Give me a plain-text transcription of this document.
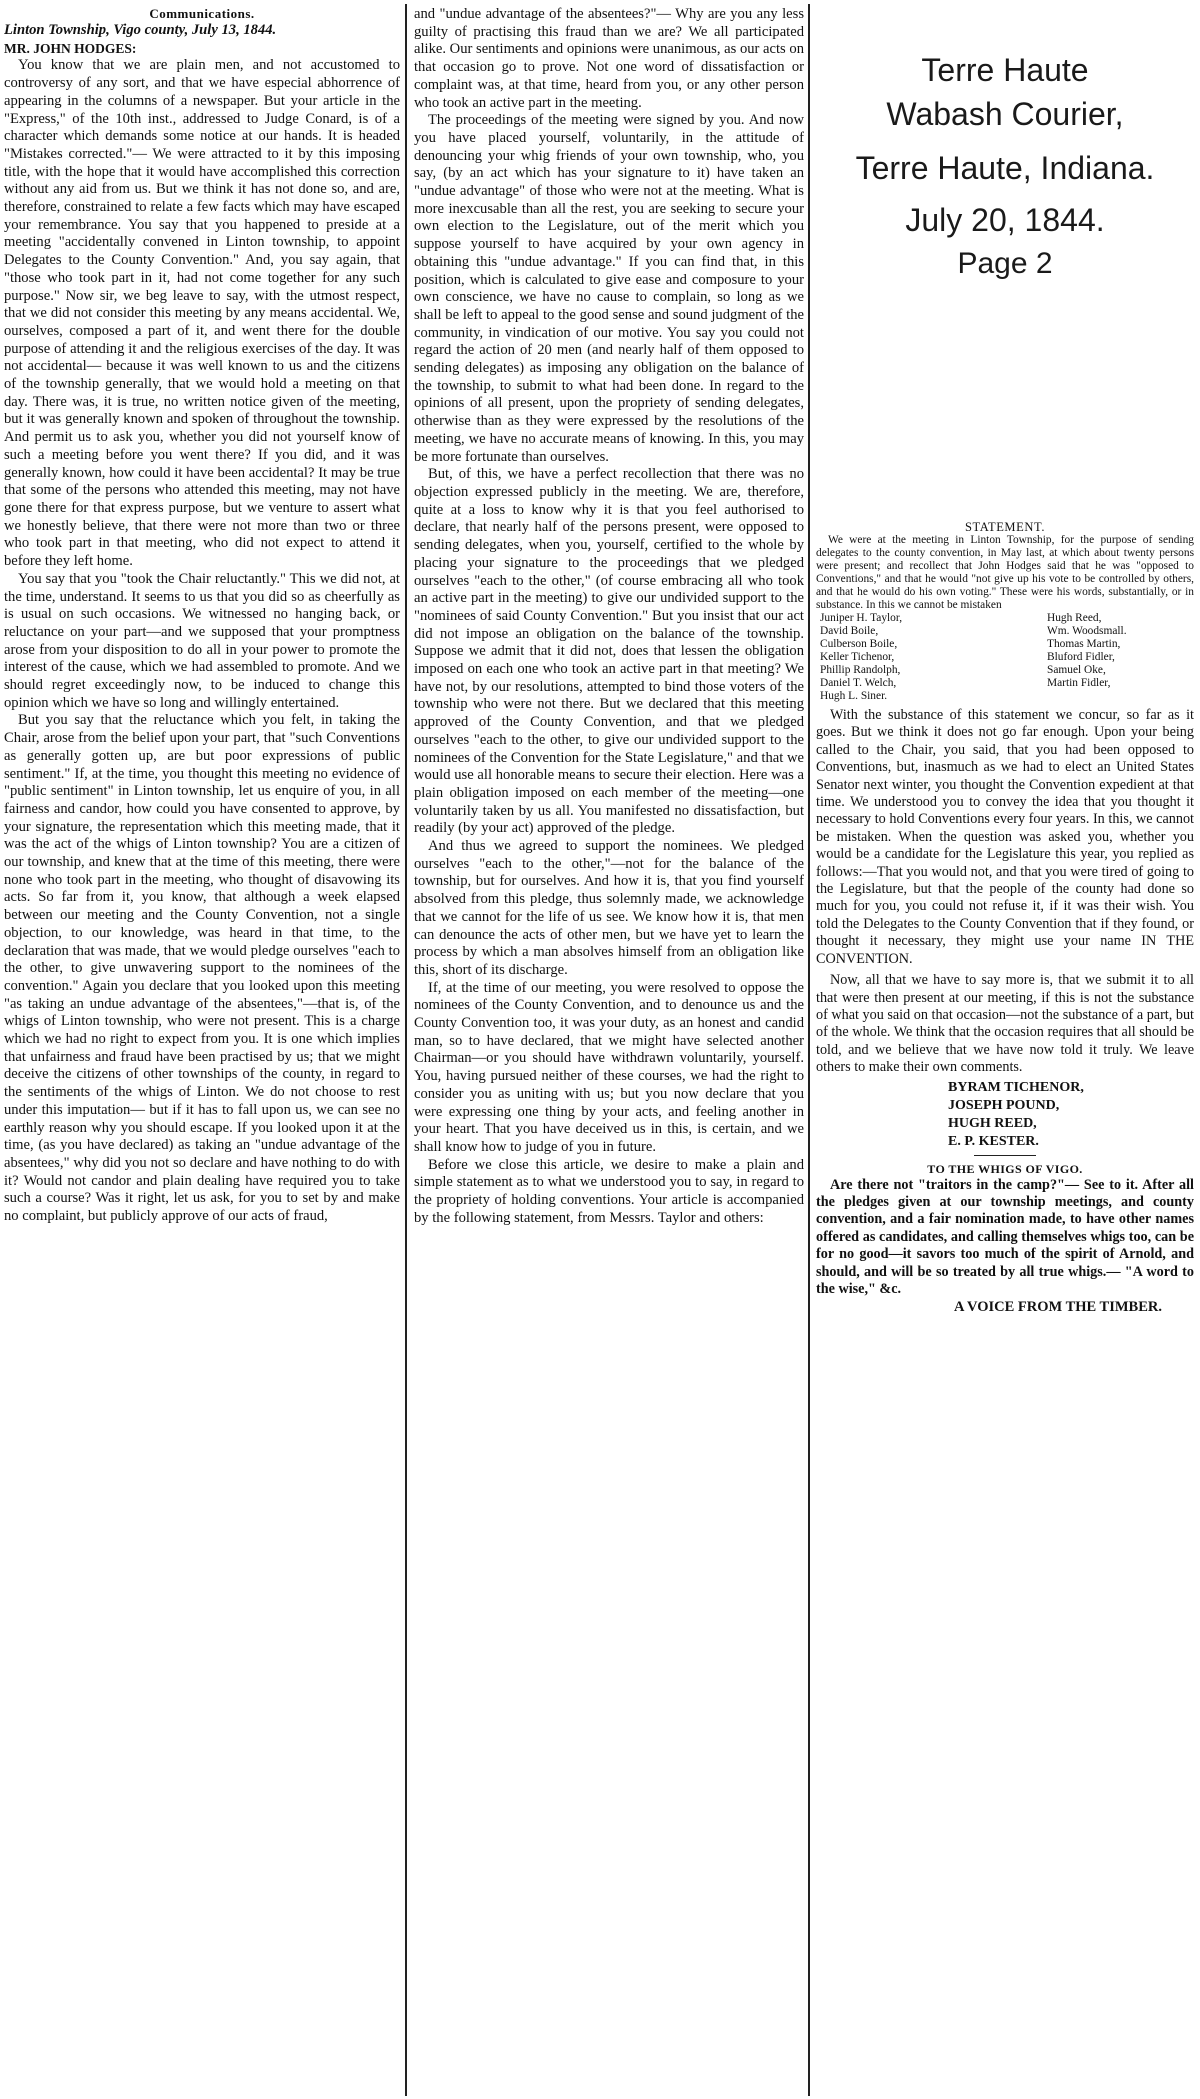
Communications.

Linton Township, Vigo county, July 13, 1844.

MR. JOHN HODGES:

You know that we are plain men, and not accustomed to controversy of any sort, and that we have especial abhorrence of appearing in the columns of a newspaper. But your article in the "Express," of the 10th inst., addressed to Judge Conard, is of a character which demands some notice at our hands. It is headed "Mistakes corrected."— We were attracted to it by this imposing title, with the hope that it would have accomplished this correction without any aid from us. But we think it has not done so, and are, therefore, constrained to relate a few facts which may have escaped your remembrance. You say that you happened to preside at a meeting "accidentally convened in Linton township, to appoint Delegates to the County Convention." And, you say again, that "those who took part in it, had not come together for any such purpose." Now sir, we beg leave to say, with the utmost respect, that we did not consider this meeting by any means accidental. We, ourselves, composed a part of it, and went there for the double purpose of attending it and the religious exercises of the day. It was not accidental— because it was well known to us and the citizens of the township generally, that we would hold a meeting on that day. There was, it is true, no written notice given of the meeting, but it was generally known and spoken of throughout the township. And permit us to ask you, whether you did not yourself know of such a meeting before you went there? If you did, and it was generally known, how could it have been accidental? It may be true that some of the persons who attended this meeting, may not have gone there for that express purpose, but we venture to assert what we honestly believe, that there were not more than two or three who took part in that meeting, who did not expect to attend it before they left home.

You say that you "took the Chair reluctantly." This we did not, at the time, understand. It seems to us that you did so as cheerfully as is usual on such occasions. We witnessed no hanging back, or reluctance on your part—and we supposed that your promptness arose from your disposition to do all in your power to promote the interest of the cause, which we had assembled to promote. And we should regret exceedingly now, to be induced to change this opinion which we have so long and willingly entertained.

But you say that the reluctance which you felt, in taking the Chair, arose from the belief upon your part, that "such Conventions as generally gotten up, are but poor expressions of public sentiment." If, at the time, you thought this meeting no evidence of "public sentiment" in Linton township, let us enquire of you, in all fairness and candor, how could you have consented to approve, by your signature, the representation which this meeting made, that it was the act of the whigs of Linton township? You are a citizen of our township, and knew that at the time of this meeting, there were none who took part in the meeting, who thought of disavowing its acts. So far from it, you know, that although a week elapsed between our meeting and the County Convention, not a single objection, to our knowledge, was heard in that time, to the declaration that was made, that we would pledge ourselves "each to the other, to give unwavering support to the nominees of the convention." Again you declare that you looked upon this meeting "as taking an undue advantage of the absentees,"—that is, of the whigs of Linton township, who were not present. This is a charge which we had no right to expect from you. It is one which implies that unfairness and fraud have been practised by us; that we might deceive the citizens of other townships of the county, in regard to the sentiments of the whigs of Linton. We do not choose to rest under this imputation— but if it has to fall upon us, we can see no earthly reason why you should escape. If you looked upon it at the time, (as you have declared) as taking an "undue advantage of the absentees," why did you not so declare and have nothing to do with it? Would not candor and plain dealing have required you to take such a course? Was it right, let us ask, for you to set by and make no complaint, but publicly approve of our acts of fraud,

and "undue advantage of the absentees?"— Why are you any less guilty of practising this fraud than we are? We all participated alike. Our sentiments and opinions were unanimous, as our acts on that occasion go to prove. Not one word of dissatisfaction or complaint was, at that time, heard from you, or any other person who took an active part in the meeting.

The proceedings of the meeting were signed by you. And now you have placed yourself, voluntarily, in the attitude of denouncing your whig friends of your own township, who, you say, (by an act which has your signature to it) have taken an "undue advantage" of those who were not at the meeting. What is more inexcusable than all the rest, you are seeking to secure your own election to the Legislature, out of the merit which you suppose yourself to have acquired by your own agency in obtaining this "undue advantage." If you can find that, in this position, which is calculated to give ease and composure to your own conscience, we have no cause to complain, so long as we shall be left to appeal to the good sense and sound judgment of the community, in vindication of our motive. You say you could not regard the action of 20 men (and nearly half of them opposed to sending delegates) as imposing any obligation on the balance of the township, to submit to what had been done. In regard to the opinions of all present, upon the propriety of sending delegates, otherwise than as they were expressed by the resolutions of the meeting, we have no accurate means of knowing. In this, you may be more fortunate than ourselves.

But, of this, we have a perfect recollection that there was no objection expressed publicly in the meeting. We are, therefore, quite at a loss to know why it is that you feel authorised to declare, that nearly half of the persons present, were opposed to sending delegates, when you, yourself, certified to the whole by placing your signature to the proceedings that we pledged ourselves "each to the other," (of course embracing all who took an active part in the meeting) to give our undivided support to the "nominees of said County Convention." But you insist that our act did not impose an obligation on the balance of the township. Suppose we admit that it did not, does that lessen the obligation imposed on each one who took an active part in that meeting? We have not, by our resolutions, attempted to bind those voters of the township who were not there. But we declared that this meeting approved of the County Convention, and that we pledged ourselves "each to the other, to give our undivided support to the nominees of the Convention for the State Legislature," and that we would use all honorable means to secure their election. Here was a plain obligation imposed on each member of the meeting—one voluntarily taken by us all. You manifested no dissatisfaction, but readily (by your act) approved of the pledge.

And thus we agreed to support the nominees. We pledged ourselves "each to the other,"—not for the balance of the township, but for ourselves. And how it is, that you find yourself absolved from this pledge, thus solemnly made, we acknowledge that we cannot for the life of us see. We know how it is, that men can denounce the acts of other men, but we have yet to learn the process by which a man absolves himself from an obligation like this, short of its discharge.

If, at the time of our meeting, you were resolved to oppose the nominees of the County Convention, and to denounce us and the County Convention too, it was your duty, as an honest and candid man, so to have declared, that we might have selected another Chairman—or you should have withdrawn voluntarily, yourself. You, having pursued neither of these courses, we had the right to consider you as uniting with us; but you now declare that you were expressing one thing by your acts, and feeling another in your heart. That you have deceived us in this, is certain, and we shall know how to judge of you in future.

Before we close this article, we desire to make a plain and simple statement as to what we understood you to say, in regard to the propriety of holding conventions. Your article is accompanied by the following statement, from Messrs. Taylor and others:

Terre Haute
Wabash Courier,
Terre Haute, Indiana.
July 20, 1844.
Page 2
STATEMENT.

We were at the meeting in Linton Township, for the purpose of sending delegates to the county convention, in May last, at which about twenty persons were present; and recollect that John Hodges said that he was "opposed to Conventions," and that he would "not give up his vote to be controlled by others, and that he would do his own voting." These were his words, substantially, or in substance. In this we cannot be mistaken

Juniper H. Taylor,
David Boile,
Culberson Boile,
Keller Tichenor,
Phillip Randolph,
Daniel T. Welch,
Hugh L. Siner.
Hugh Reed,
Wm. Woodsmall.
Thomas Martin,
Bluford Fidler,
Samuel Oke,
Martin Fidler,

With the substance of this statement we concur, so far as it goes. But we think it does not go far enough. Upon your being called to the Chair, you said, that you had been opposed to Conventions, but, inasmuch as we had to elect an United States Senator next winter, you thought the Convention expedient at that time. We understood you to convey the idea that you thought it necessary to hold Conventions every four years. In this, we cannot be mistaken. When the question was asked you, whether you would be a candidate for the Legislature this year, you replied as follows:—That you would not, and that you were tired of going to the Legislature, but that the people of the county had done so much for you, you could not refuse it, if it was their wish. You told the Delegates to the County Convention that if they found, or thought it necessary, they might use your name IN THE CONVENTION.

Now, all that we have to say more is, that we submit it to all that were then present at our meeting, if this is not the substance of what you said on that occasion—not the substance of a part, but of the whole. We think that the occasion requires that all should be told, and we believe that we have now told it truly. We leave others to make their own comments.

BYRAM TICHENOR,
JOSEPH POUND,
HUGH REED,
E. P. KESTER.
TO THE WHIGS OF VIGO.

Are there not "traitors in the camp?"— See to it. After all the pledges given at our township meetings, and county convention, and a fair nomination made, to have other names offered as candidates, and calling themselves whigs too, can be for no good—it savors too much of the spirit of Arnold, and should, and will be so treated by all true whigs.— "A word to the wise," &c.

A VOICE FROM THE TIMBER.
